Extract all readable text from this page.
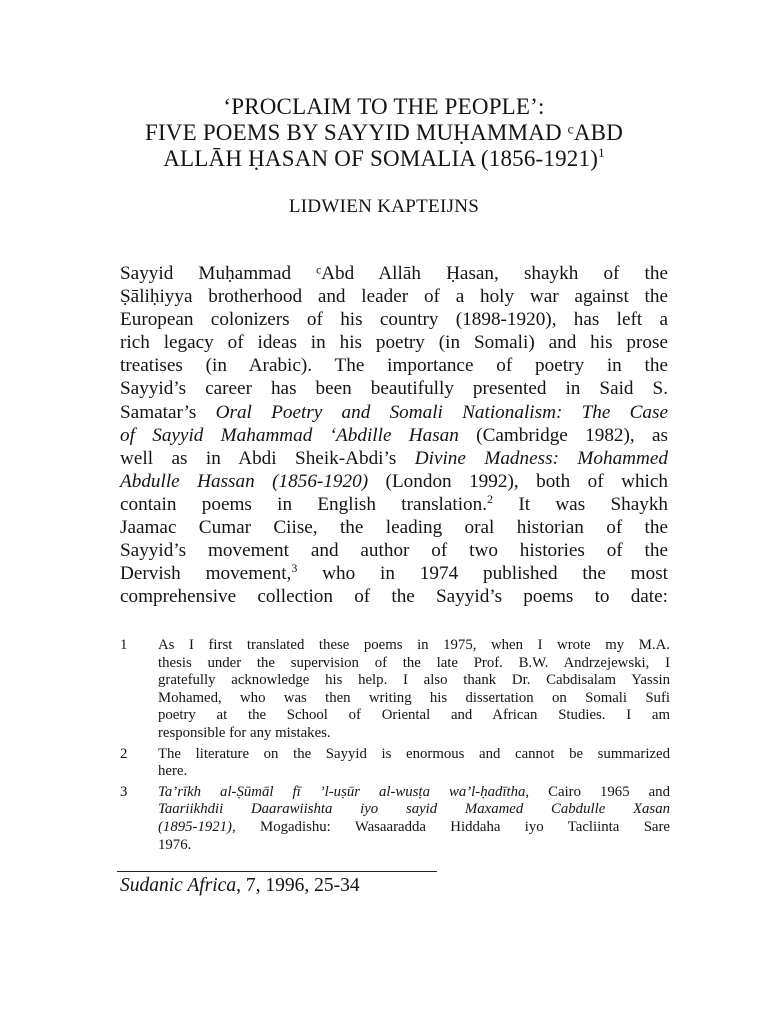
‘PROCLAIM TO THE PEOPLE’:
FIVE POEMS BY SAYYID MUḤAMMAD ᶜABD
ALLĀH ḤASAN OF SOMALIA (1856-1921)$^1$
LIDWIEN KAPTEIJNS
Sayyid Muḥammad ᶜAbd Allāh Ḥasan, shaykh of the
Ṣāliḥiyya brotherhood and leader of a holy war against the
European colonizers of his country (1898-1920), has left a
rich legacy of ideas in his poetry (in Somali) and his prose
treatises (in Arabic). The importance of poetry in the
Sayyid’s career has been beautifully presented in Said S.
Samatar’s Oral Poetry and Somali Nationalism: The Case
of Sayyid Mahammad ‘Abdille Hasan (Cambridge 1982), as
well as in Abdi Sheik-Abdi’s Divine Madness: Mohammed
Abdulle Hassan (1856-1920) (London 1992), both of which
contain poems in English translation.$^2$ It was Shaykh
Jaamac Cumar Ciise, the leading oral historian of the
Sayyid’s movement and author of two histories of the
Dervish movement,$^3$ who in 1974 published the most
comprehensive collection of the Sayyid’s poems to date:
1 As I first translated these poems in 1975, when I wrote my M.A.
thesis under the supervision of the late Prof. B.W. Andrzejewski, I
gratefully acknowledge his help. I also thank Dr. Cabdisalam Yassin
Mohamed, who was then writing his dissertation on Somali Sufi
poetry at the School of Oriental and African Studies. I am
responsible for any mistakes.
2 The literature on the Sayyid is enormous and cannot be summarized
here.
3 Ta’rīkh al-Ṣūmāl fī ’l-uṣūr al-wusṭa wa’l-ḥadītha, Cairo 1965 and
Taariikhdii Daarawiishta iyo sayid Maxamed Cabdulle Xasan
(1895-1921), Mogadishu: Wasaaradda Hiddaha iyo Tacliinta Sare
1976.
Sudanic Africa, 7, 1996, 25-34
